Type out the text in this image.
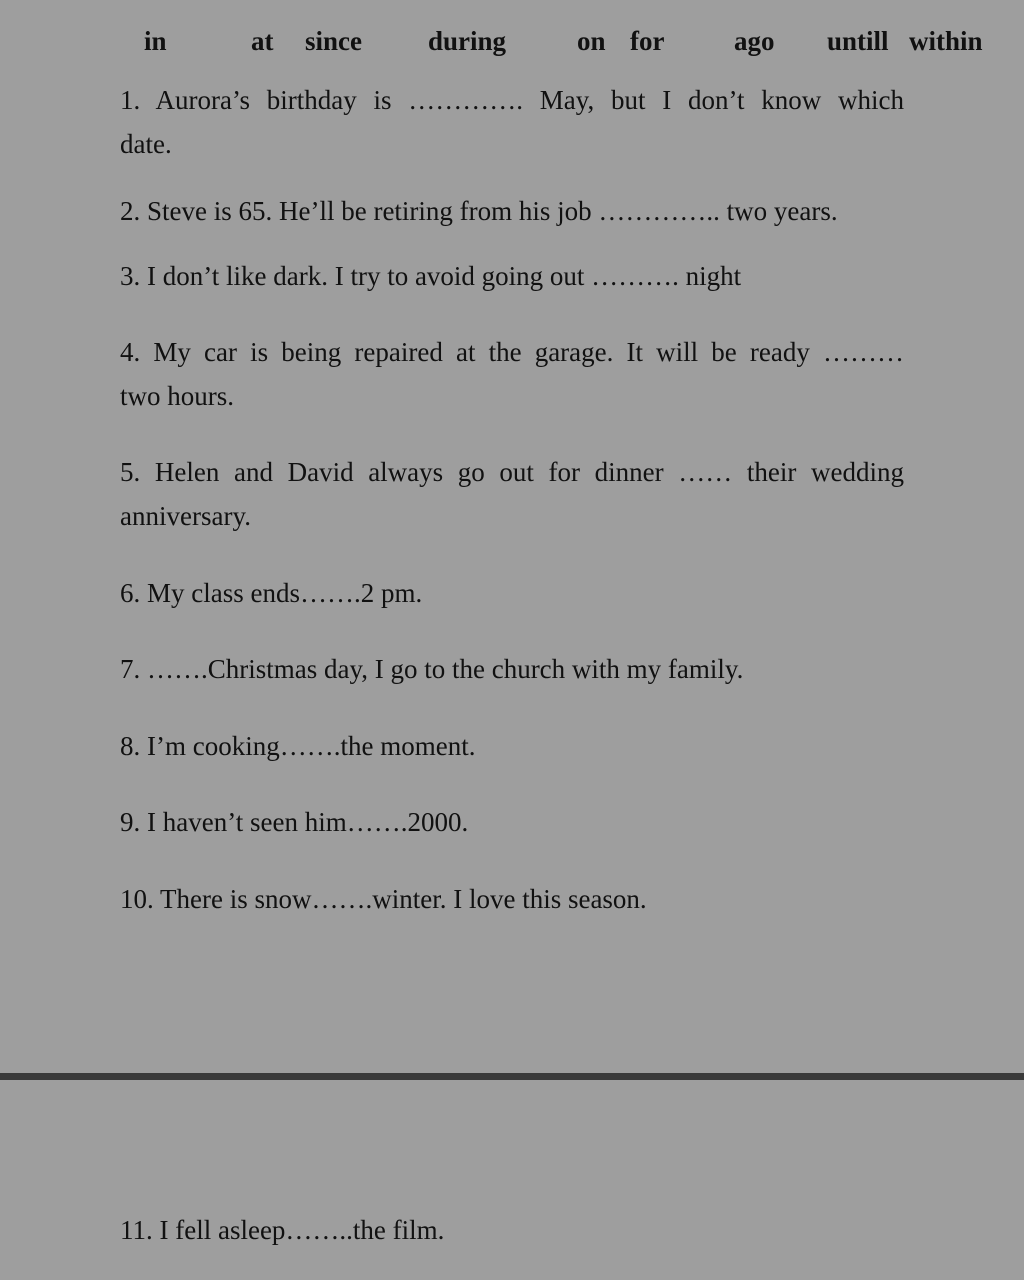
in	at since during	on for	ago untill within
1. Aurora’s birthday is …………. May, but I don’t know which
date.
2. Steve is 65. He’ll be retiring from his job ………….. two years.
3. I don’t like dark. I try to avoid going out ………. night
4. My car is being repaired at the garage. It will be ready ………
two hours.
5. Helen and David always go out for dinner …… their wedding
anniversary.
6. My class ends…….2 pm.
7. …….Christmas day, I go to the church with my family.
8. I’m cooking…….the moment.
9. I haven’t seen him…….2000.
10. There is snow…….winter. I love this season.
11. I fell asleep……..the film.
